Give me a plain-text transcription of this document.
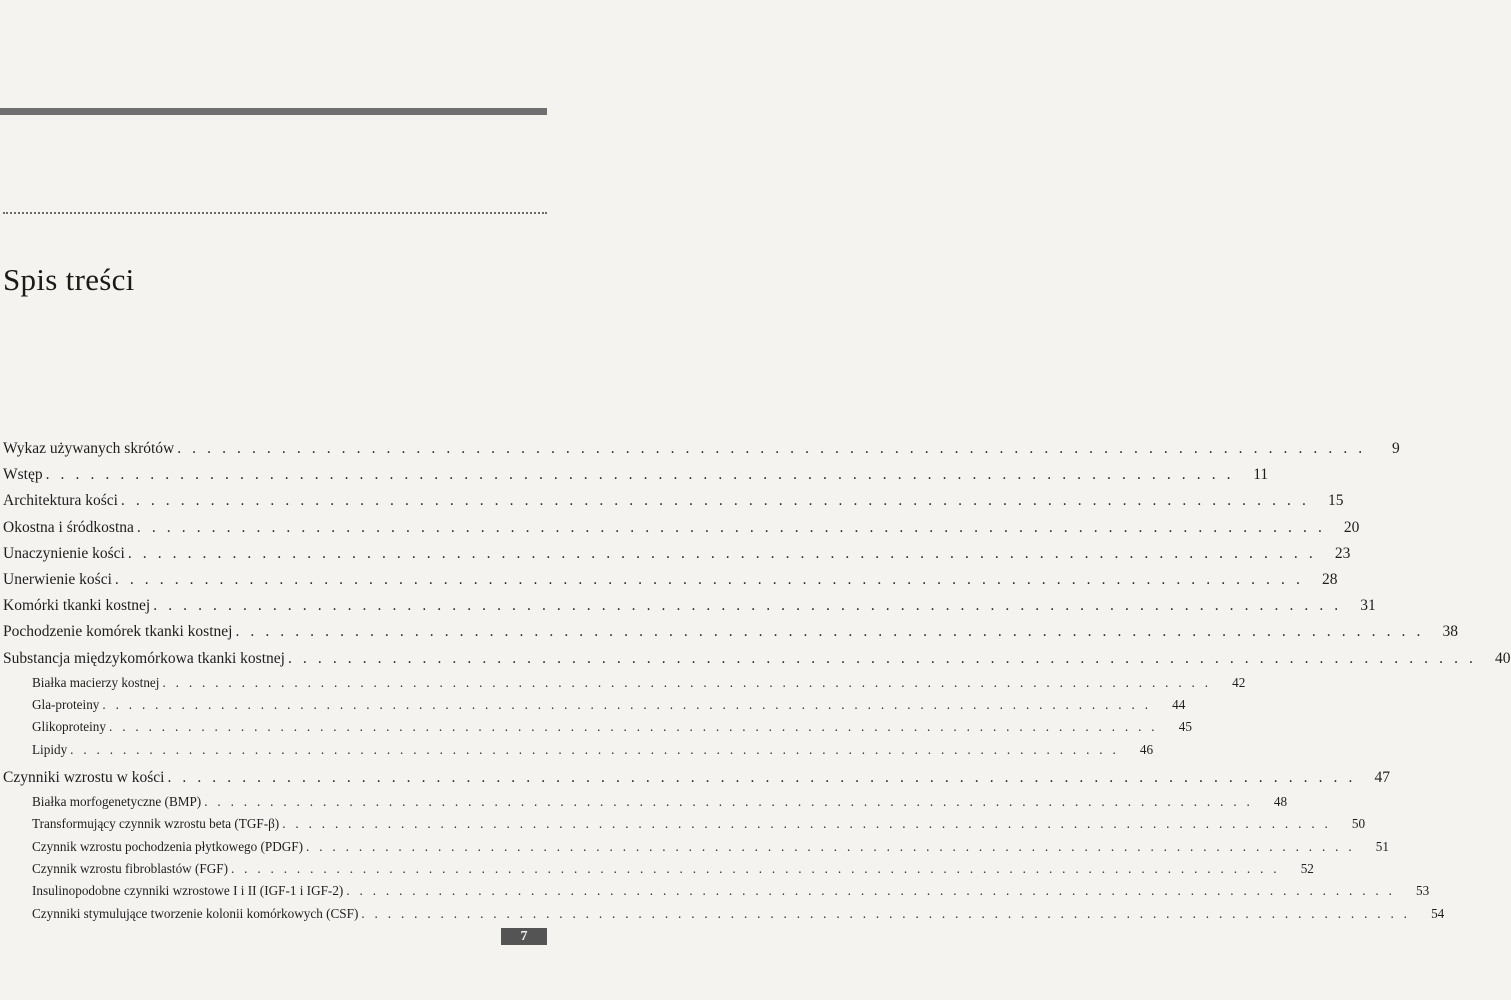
Spis treści
Wykaz używanych skrótów . . . . . . . . . . . . . . . . . . . . . . . . . . . . . . . . . . . . . . . . . . . . . . . . . . . . . . . . . . . . . . . . . . . . . . . . . . . . . . . .	9
Wstęp . . . . . . . . . . . . . . . . . . . . . . . . . . . . . . . . . . . . . . . . . . . . . . . . . . . . . . . . . . . . . . . . . . . . . . . . . . . . . . . .	11
Architektura kości . . . . . . . . . . . . . . . . . . . . . . . . . . . . . . . . . . . . . . . . . . . . . . . . . . . . . . . . . . . . . . . . . . . . . . . . . . . . . . . .	15
Okostna i śródkostna . . . . . . . . . . . . . . . . . . . . . . . . . . . . . . . . . . . . . . . . . . . . . . . . . . . . . . . . . . . . . . . . . . . . . . . . . . . . . . . .	20
Unaczynienie kości . . . . . . . . . . . . . . . . . . . . . . . . . . . . . . . . . . . . . . . . . . . . . . . . . . . . . . . . . . . . . . . . . . . . . . . . . . . . . . . .	23
Unerwienie kości . . . . . . . . . . . . . . . . . . . . . . . . . . . . . . . . . . . . . . . . . . . . . . . . . . . . . . . . . . . . . . . . . . . . . . . . . . . . . . . .	28
Komórki tkanki kostnej . . . . . . . . . . . . . . . . . . . . . . . . . . . . . . . . . . . . . . . . . . . . . . . . . . . . . . . . . . . . . . . . . . . . . . . . . . . . . . . .	31
Pochodzenie komórek tkanki kostnej . . . . . . . . . . . . . . . . . . . . . . . . . . . . . . . . . . . . . . . . . . . . . . . . . . . . . . . . . . . . . . . . . . . . . . . . . . . . . . . .	38
Substancja międzykomórkowa tkanki kostnej . . . . . . . . . . . . . . . . . . . . . . . . . . . . . . . . . . . . . . . . . . . . . . . . . . . . . . . . . . . . . . . . . . . . . . . . . . . . . . . .	40
Białka macierzy kostnej . . . . . . . . . . . . . . . . . . . . . . . . . . . . . . . . . . . . . . . . . . . . . . . . . . . . . . . . . . . . . . . . . . . . . . . . . . . . . . . .	42
Gla-proteiny . . . . . . . . . . . . . . . . . . . . . . . . . . . . . . . . . . . . . . . . . . . . . . . . . . . . . . . . . . . . . . . . . . . . . . . . . . . . . . . .	44
Glikoproteiny . . . . . . . . . . . . . . . . . . . . . . . . . . . . . . . . . . . . . . . . . . . . . . . . . . . . . . . . . . . . . . . . . . . . . . . . . . . . . . . .	45
Lipidy . . . . . . . . . . . . . . . . . . . . . . . . . . . . . . . . . . . . . . . . . . . . . . . . . . . . . . . . . . . . . . . . . . . . . . . . . . . . . . . .	46
Czynniki wzrostu w kości . . . . . . . . . . . . . . . . . . . . . . . . . . . . . . . . . . . . . . . . . . . . . . . . . . . . . . . . . . . . . . . . . . . . . . . . . . . . . . . .	47
Białka morfogenetyczne (BMP) . . . . . . . . . . . . . . . . . . . . . . . . . . . . . . . . . . . . . . . . . . . . . . . . . . . . . . . . . . . . . . . . . . . . . . . . . . . . . . . .	48
Transformujący czynnik wzrostu beta (TGF-β) . . . . . . . . . . . . . . . . . . . . . . . . . . . . . . . . . . . . . . . . . . . . . . . . . . . . . . . . . . . . . . . . . . . . . . . . . . . . . . . .	50
Czynnik wzrostu pochodzenia płytkowego (PDGF) . . . . . . . . . . . . . . . . . . . . . . . . . . . . . . . . . . . . . . . . . . . . . . . . . . . . . . . . . . . . . . . . . . . . . . . . . . . . . . . .	51
Czynnik wzrostu fibroblastów (FGF) . . . . . . . . . . . . . . . . . . . . . . . . . . . . . . . . . . . . . . . . . . . . . . . . . . . . . . . . . . . . . . . . . . . . . . . . . . . . . . . .	52
Insulinopodobne czynniki wzrostowe I i II (IGF-1 i IGF-2) . . . . . . . . . . . . . . . . . . . . . . . . . . . . . . . . . . . . . . . . . . . . . . . . . . . . . . . . . . . . . . . . . . . . . . . . . . . . . . . .	53
Czynniki stymulujące tworzenie kolonii komórkowych (CSF) . . . . . . . . . . . . . . . . . . . . . . . . . . . . . . . . . . . . . . . . . . . . . . . . . . . . . . . . . . . . . . . . . . . . . . . . . . . . . . . .	54
7
